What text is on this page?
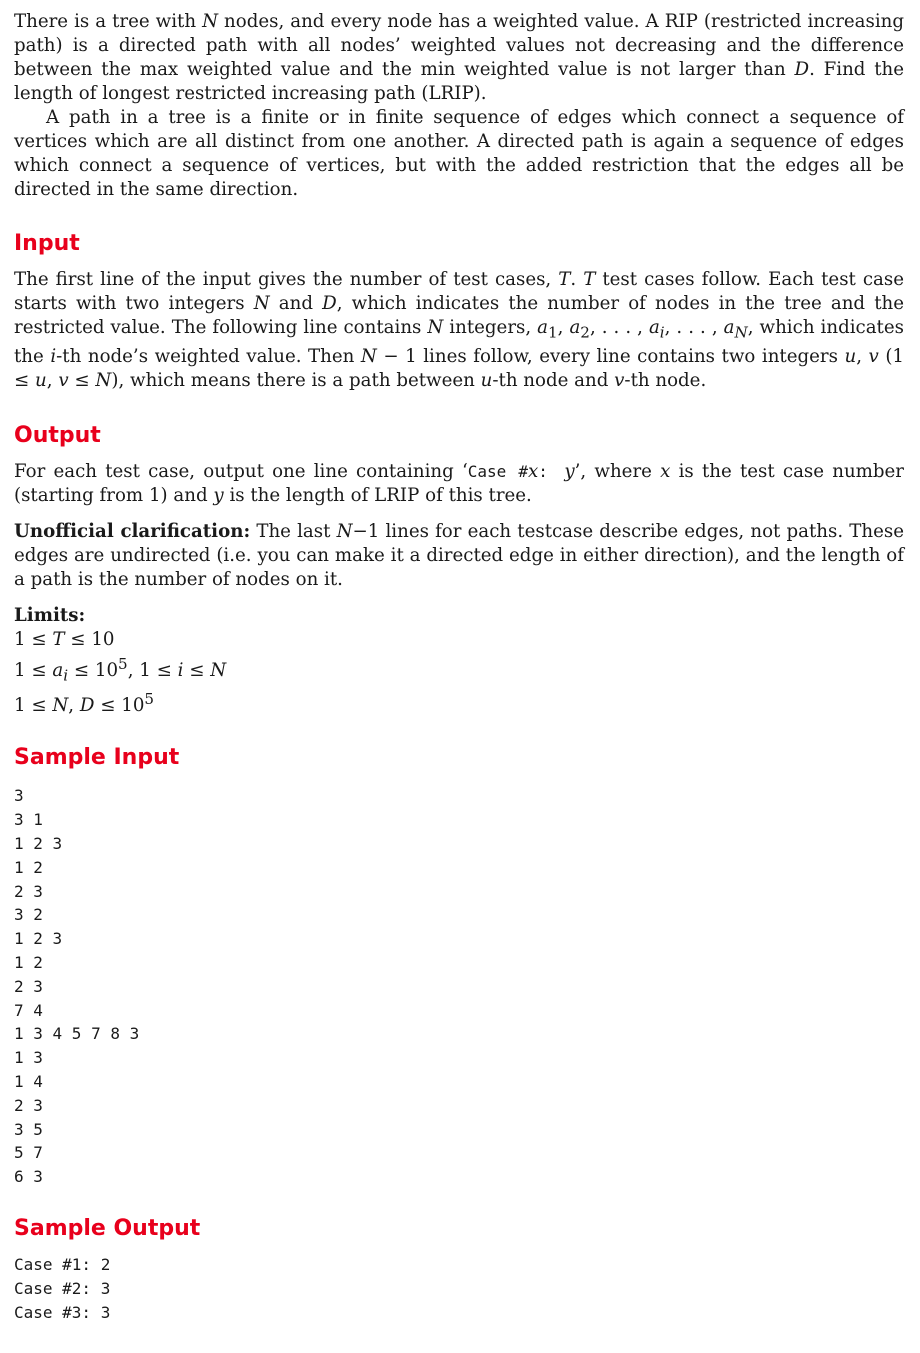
There is a tree with N nodes, and every node has a weighted value. A RIP (restricted increasing path) is a directed path with all nodes’ weighted values not decreasing and the difference between the max weighted value and the min weighted value is not larger than D. Find the length of longest restricted increasing path (LRIP).

A path in a tree is a finite or in finite sequence of edges which connect a sequence of vertices which are all distinct from one another. A directed path is again a sequence of edges which connect a sequence of vertices, but with the added restriction that the edges all be directed in the same direction.

Input

The first line of the input gives the number of test cases, T. T test cases follow. Each test case starts with two integers N and D, which indicates the number of nodes in the tree and the restricted value. The following line contains N integers, $a_1$, $a_2$, . . . , $a_i$, . . . , $a_N$, which indicates the i-th node’s weighted value. Then N − 1 lines follow, every line contains two integers u, v (1 ≤ u, v ≤ N), which means there is a path between u-th node and v-th node.

Output

For each test case, output one line containing ‘Case #x: y’, where x is the test case number (starting from 1) and y is the length of LRIP of this tree.

Unofficial clarification: The last N−1 lines for each testcase describe edges, not paths. These edges are undirected (i.e. you can make it a directed edge in either direction), and the length of a path is the number of nodes on it.

Limits:
1 ≤ T ≤ 10
$1 \le a_i \le 10^5$, 1 ≤ i ≤ N
1 ≤ N, $D \le 10^5$
Sample Input
3
3 1
1 2 3
1 2
2 3
3 2
1 2 3
1 2
2 3
7 4
1 3 4 5 7 8 3
1 3
1 4
2 3
3 5
5 7
6 3
Sample Output
Case #1: 2
Case #2: 3
Case #3: 3
